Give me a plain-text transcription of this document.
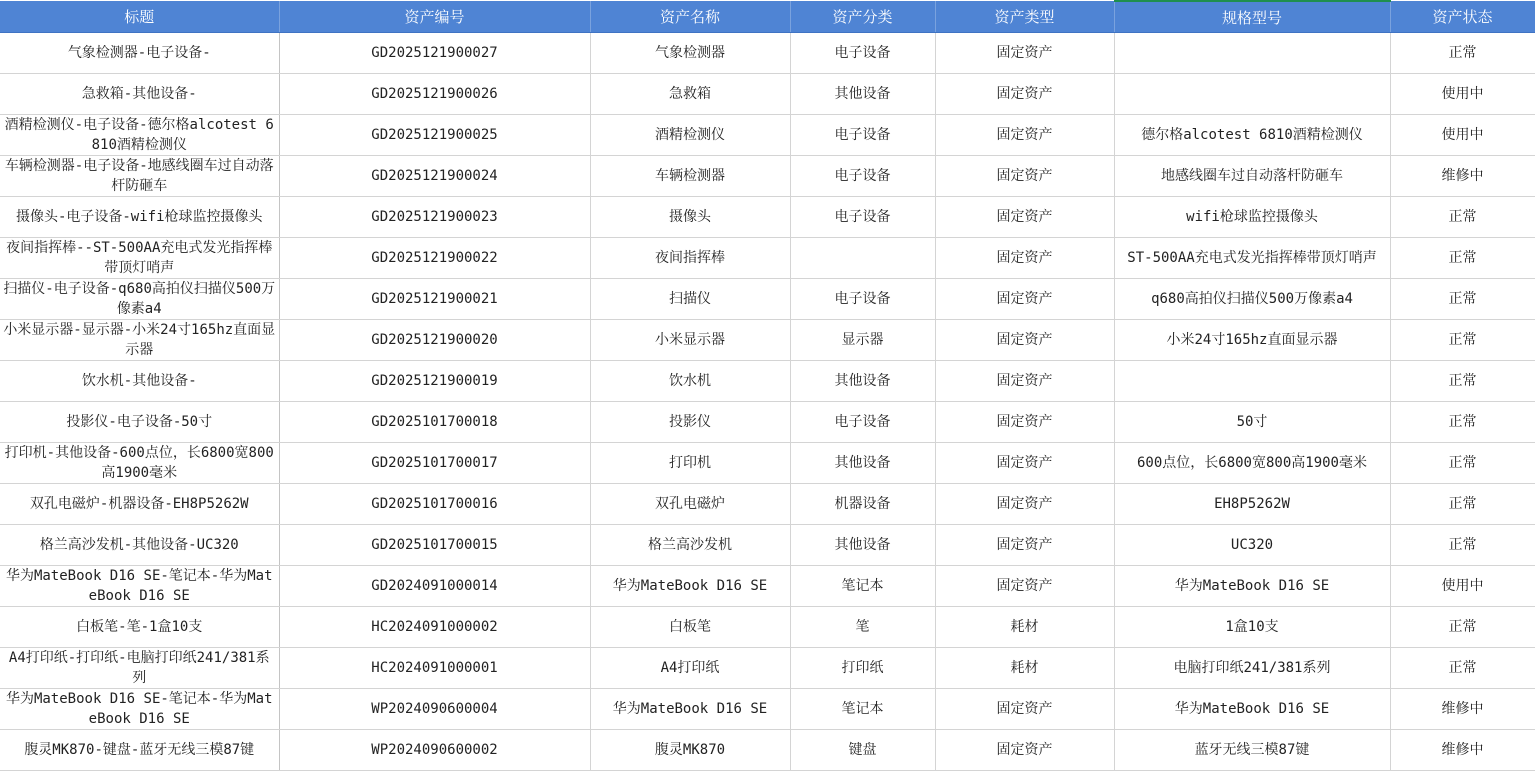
标题	资产编号	资产名称	资产分类	资产类型	规格型号	资产状态

气象检测器-电子设备-	GD2025121900027	气象检测器	电子设备	固定资产		正常

急救箱-其他设备-	GD2025121900026	急救箱	其他设备	固定资产		使用中

酒精检测仪-电子设备-德尔格alcotest 6810酒精检测仪	GD2025121900025	酒精检测仪	电子设备	固定资产	德尔格alcotest 6810酒精检测仪	使用中

车辆检测器-电子设备-地感线圈车过自动落杆防砸车	GD2025121900024	车辆检测器	电子设备	固定资产	地感线圈车过自动落杆防砸车	维修中

摄像头-电子设备-wifi枪球监控摄像头	GD2025121900023	摄像头	电子设备	固定资产	wifi枪球监控摄像头	正常

夜间指挥棒--ST-500AA充电式发光指挥棒带顶灯哨声	GD2025121900022	夜间指挥棒		固定资产	ST-500AA充电式发光指挥棒带顶灯哨声	正常

扫描仪-电子设备-q680高拍仪扫描仪500万像素a4	GD2025121900021	扫描仪	电子设备	固定资产	q680高拍仪扫描仪500万像素a4	正常

小米显示器-显示器-小米24寸165hz直面显示器	GD2025121900020	小米显示器	显示器	固定资产	小米24寸165hz直面显示器	正常

饮水机-其他设备-	GD2025121900019	饮水机	其他设备	固定资产		正常

投影仪-电子设备-50寸	GD2025101700018	投影仪	电子设备	固定资产	50寸	正常

打印机-其他设备-600点位，长6800宽800高1900毫米	GD2025101700017	打印机	其他设备	固定资产	600点位，长6800宽800高1900毫米	正常

双孔电磁炉-机器设备-EH8P5262W	GD2025101700016	双孔电磁炉	机器设备	固定资产	EH8P5262W	正常

格兰高沙发机-其他设备-UC320	GD2025101700015	格兰高沙发机	其他设备	固定资产	UC320	正常

华为MateBook D16 SE-笔记本-华为MateBook D16 SE	GD2024091000014	华为MateBook D16 SE	笔记本	固定资产	华为MateBook D16 SE	使用中

白板笔-笔-1盒10支	HC2024091000002	白板笔	笔	耗材	1盒10支	正常

A4打印纸-打印纸-电脑打印纸241/381系列	HC2024091000001	A4打印纸	打印纸	耗材	电脑打印纸241/381系列	正常

华为MateBook D16 SE-笔记本-华为MateBook D16 SE	WP2024090600004	华为MateBook D16 SE	笔记本	固定资产	华为MateBook D16 SE	维修中

腹灵MK870-键盘-蓝牙无线三模87键	WP2024090600002	腹灵MK870	键盘	固定资产	蓝牙无线三模87键	维修中
